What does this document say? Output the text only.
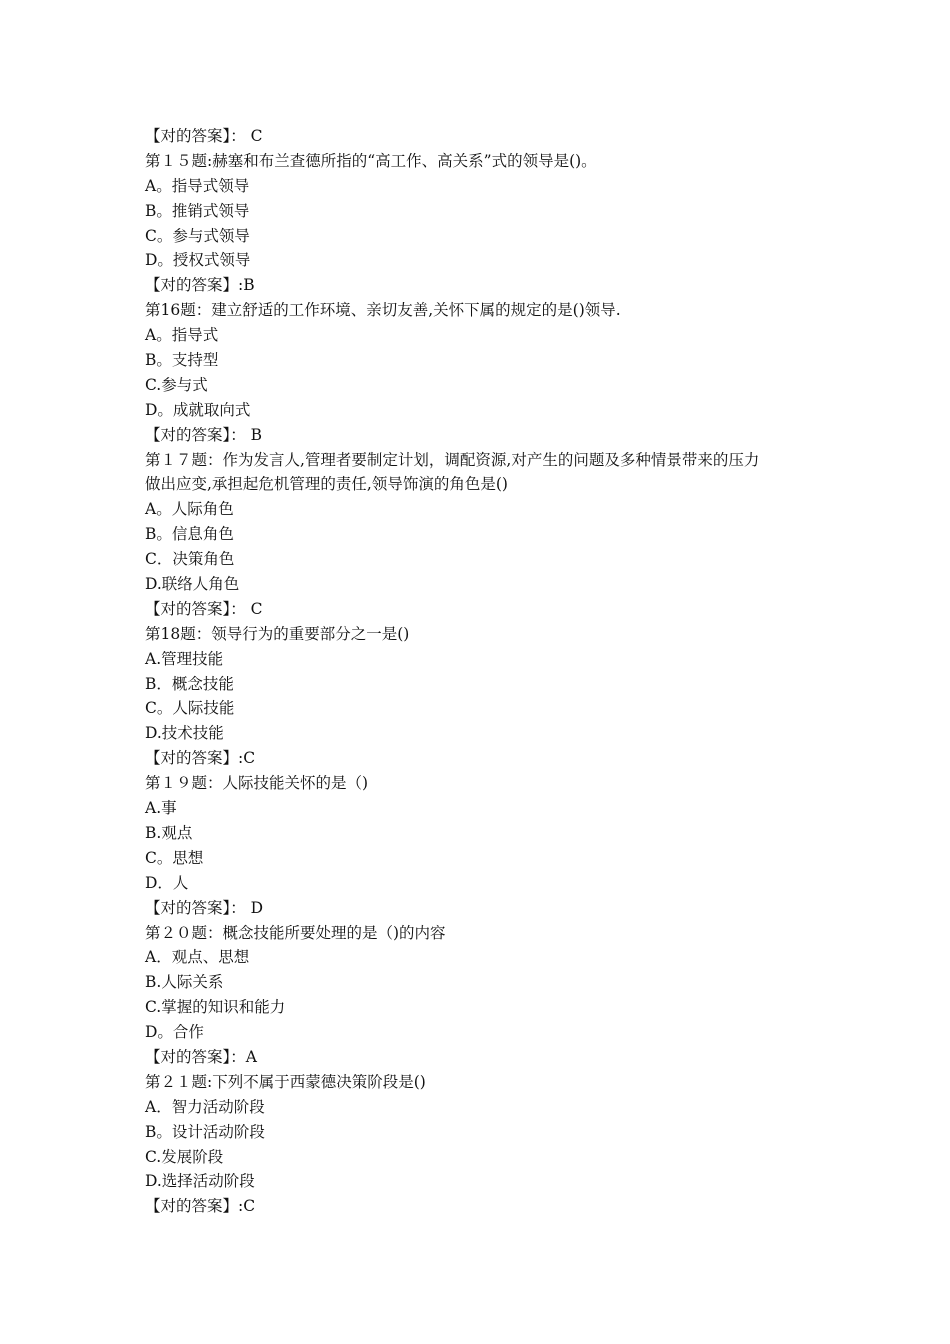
【对的答案】： C
第１５题:赫塞和布兰查德所指的“高工作、高关系”式的领导是()。
A。指导式领导
B。推销式领导
C。参与式领导
D。授权式领导
【对的答案】:B
第16题：建立舒适的工作环境、亲切友善,关怀下属的规定的是()领导.
A。指导式
B。支持型
C.参与式
D。成就取向式
【对的答案】： B
第１７题：作为发言人,管理者要制定计划，调配资源,对产生的问题及多种情景带来的压力
做出应变,承担起危机管理的责任,领导饰演的角色是()
A。人际角色
B。信息角色
C．决策角色
D.联络人角色
【对的答案】： C
第18题：领导行为的重要部分之一是()
A.管理技能
B．概念技能
C。人际技能
D.技术技能
【对的答案】:C
第１９题：人际技能关怀的是（)
A.事
B.观点
C。思想
D．人
【对的答案】： D
第２０题：概念技能所要处理的是（)的内容
A．观点、思想
B.人际关系
C.掌握的知识和能力
D。合作
【对的答案】：A
第２１题:下列不属于西蒙德决策阶段是()
A．智力活动阶段
B。设计活动阶段
C.发展阶段
D.选择活动阶段
【对的答案】:C
